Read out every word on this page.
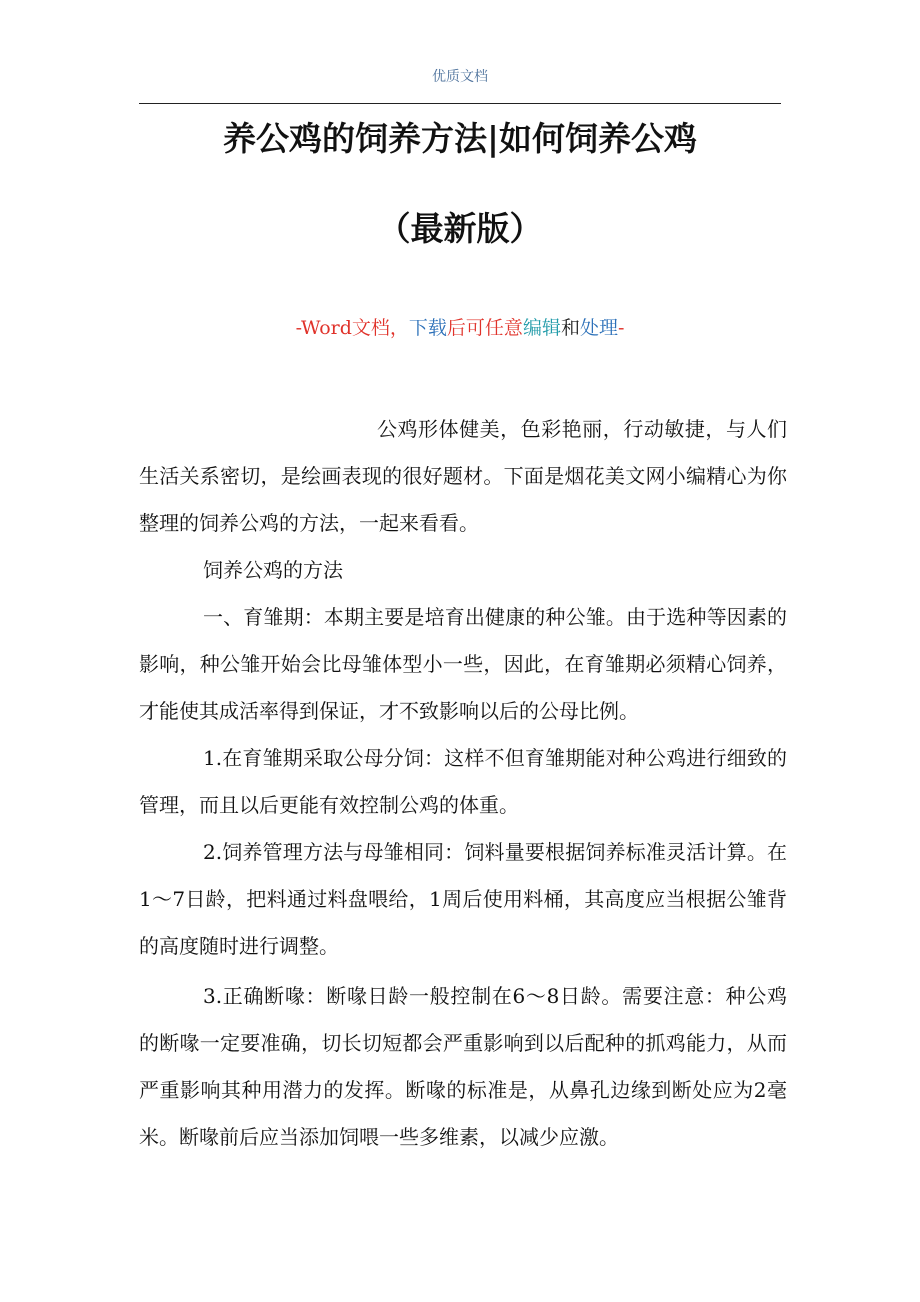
优质文档
养公鸡的饲养方法|如何饲养公鸡
（最新版）
-Word文档，下载后可任意编辑和处理-

公鸡形体健美，色彩艳丽，行动敏捷，与人们生活关系密切，是绘画表现的很好题材。下面是烟花美文网小编精心为你整理的饲养公鸡的方法，一起来看看。

饲养公鸡的方法

一、育雏期：本期主要是培育出健康的种公雏。由于选种等因素的影响，种公雏开始会比母雏体型小一些，因此，在育雏期必须精心饲养，才能使其成活率得到保证，才不致影响以后的公母比例。

1.在育雏期采取公母分饲：这样不但育雏期能对种公鸡进行细致的管理，而且以后更能有效控制公鸡的体重。

2.饲养管理方法与母雏相同：饲料量要根据饲养标准灵活计算。在1～7日龄，把料通过料盘喂给，1周后使用料桶，其高度应当根据公雏背的高度随时进行调整。

3.正确断喙：断喙日龄一般控制在6～8日龄。需要注意：种公鸡的断喙一定要准确，切长切短都会严重影响到以后配种的抓鸡能力，从而严重影响其种用潜力的发挥。断喙的标准是，从鼻孔边缘到断处应为2毫米。断喙前后应当添加饲喂一些多维素，以减少应激。
